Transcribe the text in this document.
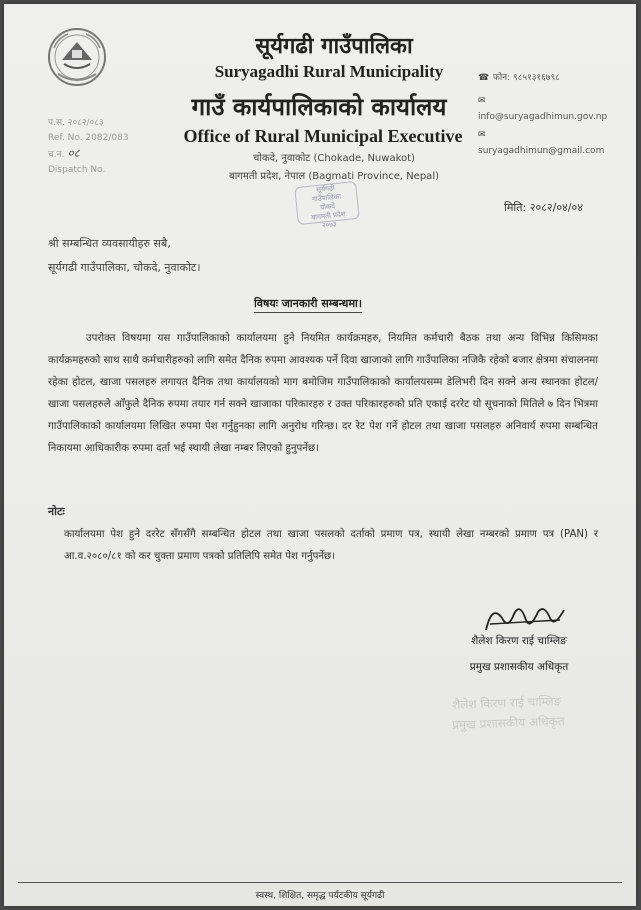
सूर्यगढी गाउँपालिका
Suryagadhi Rural Municipality
गाउँ कार्यपालिकाको कार्यालय
Office of Rural Municipal Executive
चोकदे, नुवाकोट (Chokade, Nuwakot)
बागमती प्रदेश, नेपाल (Bagmati Province, Nepal)
सूर्यगढी
गाउँपालिका
चोकदे
बागमती प्रदेश
२०७३
प.स. २०८२/०८३
Ref. No. 2082/083
च.न. ०८
Dispatch No.
☎ फोन: ९८५१३१६७९८
✉
info@suryagadhimun.gov.np
✉
suryagadhimun@gmail.com
मिति: २०८२/०४/०४
श्री सम्बन्धित व्यवसायीहरु सबै,
सूर्यगढी गाउँपालिका, चोकदे, नुवाकोट।
विषयः जानकारी सम्बन्धमा।
उपरोक्त विषयमा यस गाउँपालिकाको कार्यालयमा हुने नियमित कार्यक्रमहरु, नियमित कर्मचारी बैठक तथा अन्य विभिन्न किसिमका कार्यक्रमहरुको साथ साथै कर्मचारीहरुको लागि समेत दैनिक रुपमा आवश्यक पर्ने दिवा खाजाको लागि गाउँपालिका नजिकै रहेको बजार क्षेत्रमा संचालनमा रहेका होटल, खाजा पसलहरु लगायत दैनिक तथा कार्यालयको माग बमोजिम गाउँपालिकाको कार्यालयसम्म डेलिभरी दिन सक्ने अन्य स्थानका होटल/खाजा पसलहरुले आँफुले दैनिक रुपमा तयार गर्न सक्ने खाजाका परिकारहरु र उक्त परिकारहरुको प्रति एकाई दररेट यो सूचनाको मितिले ७ दिन भित्रमा गाउँपालिकाको कार्यालयमा लिखित रुपमा पेश गर्नुहुनका लागि अनुरोध गरिन्छ। दर रेट पेश गर्ने होटल तथा खाजा पसलहरु अनिवार्य रुपमा सम्बन्धित निकायमा आधिकारीक रुपमा दर्ता भई स्थायी लेखा नम्बर लिएको हुनुपर्नेछ।
नोटः
कार्यालयमा पेश हुने दररेट सँगसँगै सम्बन्धित होटल तथा खाजा पसलको दर्ताको प्रमाण पत्र, स्थायी लेखा नम्बरको प्रमाण पत्र (PAN) र आ.व.२०८०/८१ को कर चुक्ता प्रमाण पत्रको प्रतिलिपि समेत पेश गर्नुपर्नेछ।
शैलेश किरण राई चाम्लिङ
प्रमुख प्रशासकीय अधिकृत
शैलेश किरण राई चाम्लिङ
प्रमुख प्रशासकीय अधिकृत
स्वस्थ, शिक्षित, समृद्ध पर्यटकीय सूर्यगढी
